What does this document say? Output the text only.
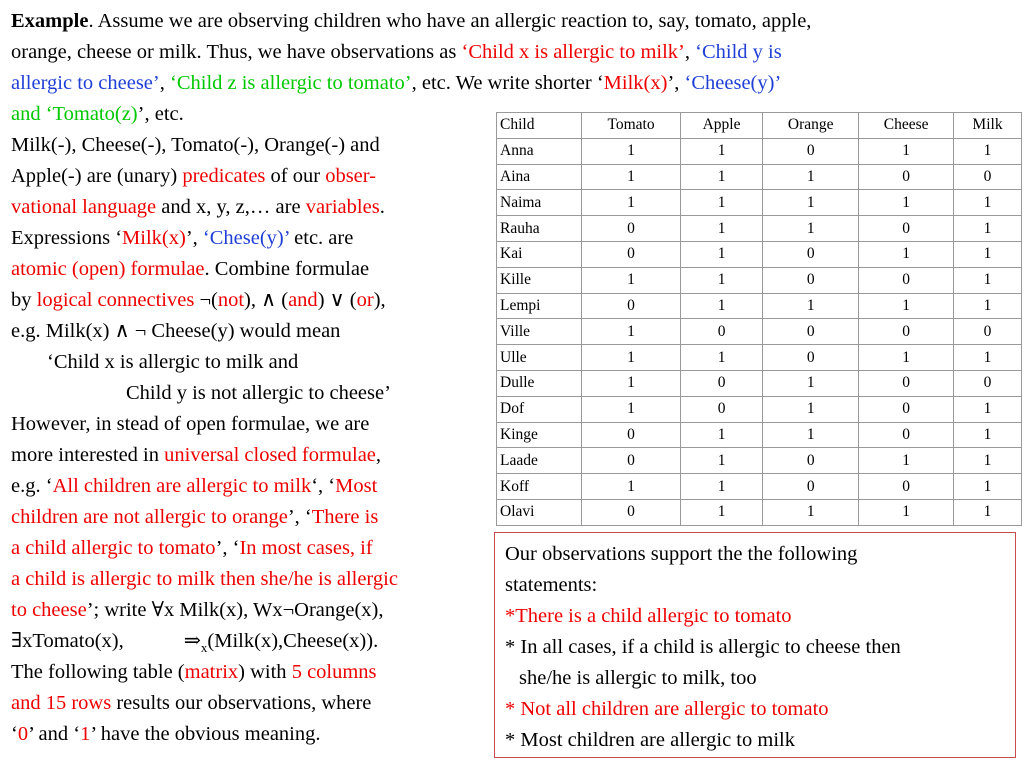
Example. Assume we are observing children who have an allergic reaction to, say, tomato, apple,
orange, cheese or milk. Thus, we have observations as ‘Child x is allergic to milk’, ‘Child y is
allergic to cheese’, ‘Child z is allergic to tomato’, etc. We write shorter ‘Milk(x)’, ‘Cheese(y)’
and ‘Tomato(z)’, etc.
Milk(-), Cheese(-), Tomato(-), Orange(-) and
Apple(-) are (unary) predicates of our obser-
vational language and x, y, z,… are variables.
Expressions ‘Milk(x)’, ‘Chese(y)’ etc. are
atomic (open) formulae. Combine formulae
by logical connectives ¬(not), ∧ (and) ∨ (or),
e.g. Milk(x) ∧ ¬ Cheese(y) would mean
‘Child x is allergic to milk and
Child y is not allergic to cheese’
However, in stead of open formulae, we are
more interested in universal closed formulae,
e.g. ‘All children are allergic to milk‘, ‘Most
children are not allergic to orange’, ‘There is
a child allergic to tomato’, ‘In most cases, if
a child is allergic to milk then she/he is allergic
to cheese’; write ∀x Milk(x), Wx¬Orange(x),
∃xTomato(x),	$\Rightarrow_x(Milk(x),Cheese(x))$.
The following table (matrix) with 5 columns
and 15 rows results our observations, where
‘0’ and ‘1’ have the obvious meaning.
Child	Tomato	Apple	Orange	Cheese	Milk
Anna	1	1	0	1	1
Aina	1	1	1	0	0
Naima	1	1	1	1	1
Rauha	0	1	1	0	1
Kai	0	1	0	1	1
Kille	1	1	0	0	1
Lempi	0	1	1	1	1
Ville	1	0	0	0	0
Ulle	1	1	0	1	1
Dulle	1	0	1	0	0
Dof	1	0	1	0	1
Kinge	0	1	1	0	1
Laade	0	1	0	1	1
Koff	1	1	0	0	1
Olavi	0	1	1	1	1
Our observations support the the following
statements:
*There is a child allergic to tomato
* In all cases, if a child is allergic to cheese then
she/he is allergic to milk, too
* Not all children are allergic to tomato
* Most children are allergic to milk
